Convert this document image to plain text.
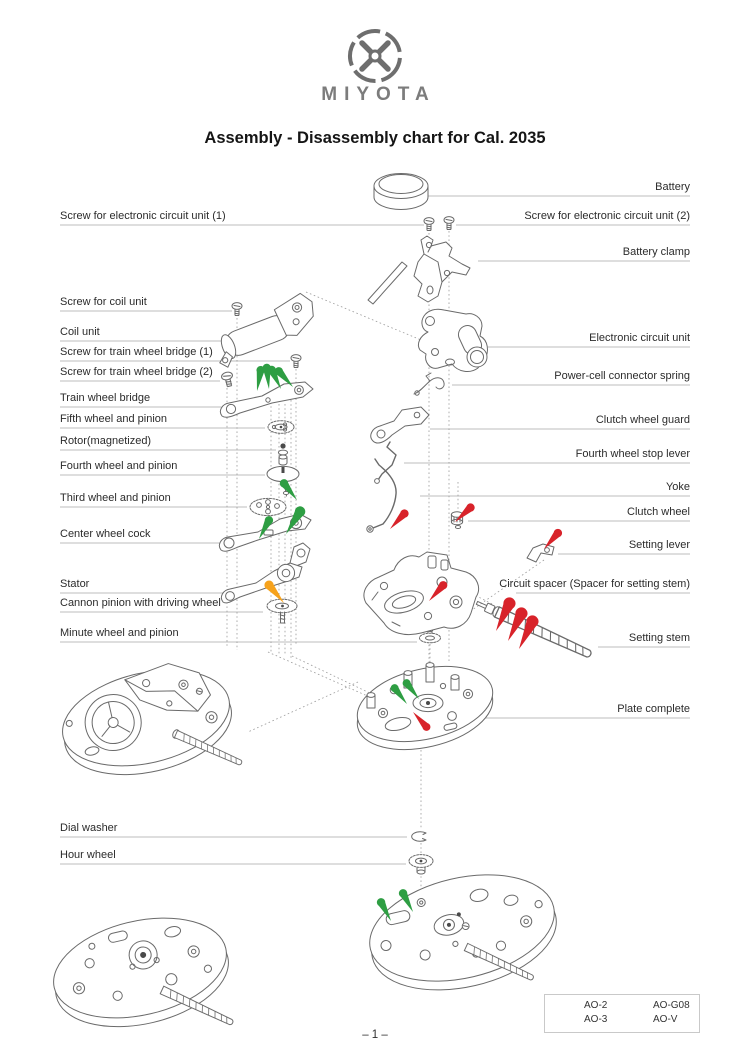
MIYOTA
Assembly - Disassembly chart for Cal. 2035
Screw for electronic circuit unit (1)
Screw for coil unit
Coil unit
Screw for train wheel bridge (1)
Screw for train wheel bridge (2)
Train wheel bridge
Fifth wheel and pinion
Rotor(magnetized)
Fourth wheel and pinion
Third wheel and pinion
Center wheel cock
Stator
Cannon pinion with driving wheel
Minute wheel and pinion
Dial washer
Hour wheel
Battery
Screw for electronic circuit unit (2)
Battery clamp
Electronic circuit unit
Power-cell connector spring
Clutch wheel guard
Fourth wheel stop lever
Yoke
Clutch wheel
Setting lever
Circuit spacer (Spacer for setting stem)
Setting stem
Plate complete
AO-2
AO-3
AO-G08
AO-V
– 1 –
